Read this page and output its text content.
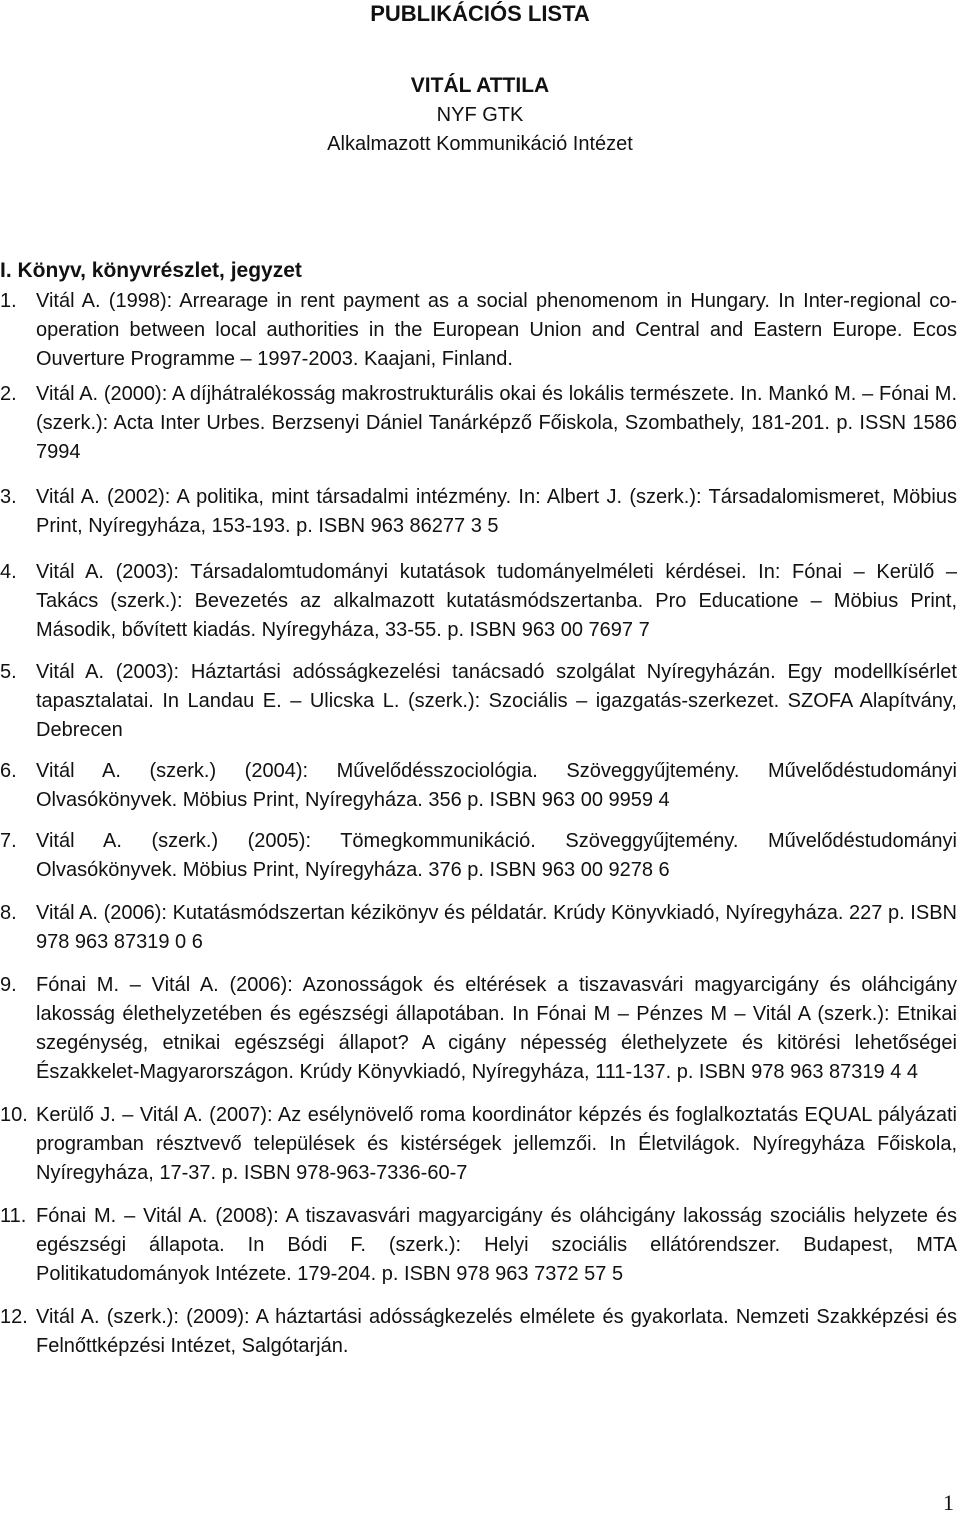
PUBLIKÁCIÓS LISTA
VITÁL ATTILA
NYF GTK
Alkalmazott Kommunikáció Intézet
I. Könyv, könyvrészlet, jegyzet
1. Vitál A. (1998): Arrearage in rent payment as a social phenomenom in Hungary. In Inter-regional co-operation between local authorities in the European Union and Central and Eastern Europe. Ecos Ouverture Programme – 1997-2003. Kaajani, Finland.
2. Vitál A. (2000): A díjhátralékosság makrostrukturális okai és lokális természete. In. Mankó M. – Fónai M. (szerk.): Acta Inter Urbes. Berzsenyi Dániel Tanárképző Főiskola, Szombathely, 181-201. p. ISSN 1586 7994
3. Vitál A. (2002): A politika, mint társadalmi intézmény. In: Albert J. (szerk.): Társadalomismeret, Möbius Print, Nyíregyháza, 153-193. p. ISBN 963 86277 3 5
4. Vitál A. (2003): Társadalomtudományi kutatások tudományelméleti kérdései. In: Fónai – Kerülő – Takács (szerk.): Bevezetés az alkalmazott kutatásmódszertanba. Pro Educatione – Möbius Print, Második, bővített kiadás. Nyíregyháza, 33-55. p. ISBN 963 00 7697 7
5. Vitál A. (2003): Háztartási adósságkezelési tanácsadó szolgálat Nyíregyházán. Egy modellkísérlet tapasztalatai. In Landau E. – Ulicska L. (szerk.): Szociális – igazgatás-szerkezet. SZOFA Alapítvány, Debrecen
6. Vitál A. (szerk.) (2004): Művelődésszociológia. Szöveggyűjtemény. Művelődéstudományi Olvasókönyvek. Möbius Print, Nyíregyháza. 356 p. ISBN 963 00 9959 4
7. Vitál A. (szerk.) (2005): Tömegkommunikáció. Szöveggyűjtemény. Művelődéstudományi Olvasókönyvek. Möbius Print, Nyíregyháza. 376 p. ISBN 963 00 9278 6
8. Vitál A. (2006): Kutatásmódszertan kézikönyv és példatár. Krúdy Könyvkiadó, Nyíregyháza. 227 p. ISBN 978 963 87319 0 6
9. Fónai M. – Vitál A. (2006): Azonosságok és eltérések a tiszavasvári magyarcigány és oláhcigány lakosság élethelyzetében és egészségi állapotában. In Fónai M – Pénzes M – Vitál A (szerk.): Etnikai szegénység, etnikai egészségi állapot? A cigány népesség élethelyzete és kitörési lehetőségei Északkelet-Magyarországon. Krúdy Könyvkiadó, Nyíregyháza, 111-137. p. ISBN 978 963 87319 4 4
10. Kerülő J. – Vitál A. (2007): Az esélynövelő roma koordinátor képzés és foglalkoztatás EQUAL pályázati programban résztvevő települések és kistérségek jellemzői. In Életvilágok. Nyíregyháza Főiskola, Nyíregyháza, 17-37. p. ISBN 978-963-7336-60-7
11. Fónai M. – Vitál A. (2008): A tiszavasvári magyarcigány és oláhcigány lakosság szociális helyzete és egészségi állapota. In Bódi F. (szerk.): Helyi szociális ellátórendszer. Budapest, MTA Politikatudományok Intézete. 179-204. p. ISBN 978 963 7372 57 5
12. Vitál A. (szerk.): (2009): A háztartási adósságkezelés elmélete és gyakorlata. Nemzeti Szakképzési és Felnőttképzési Intézet, Salgótarján.
1
